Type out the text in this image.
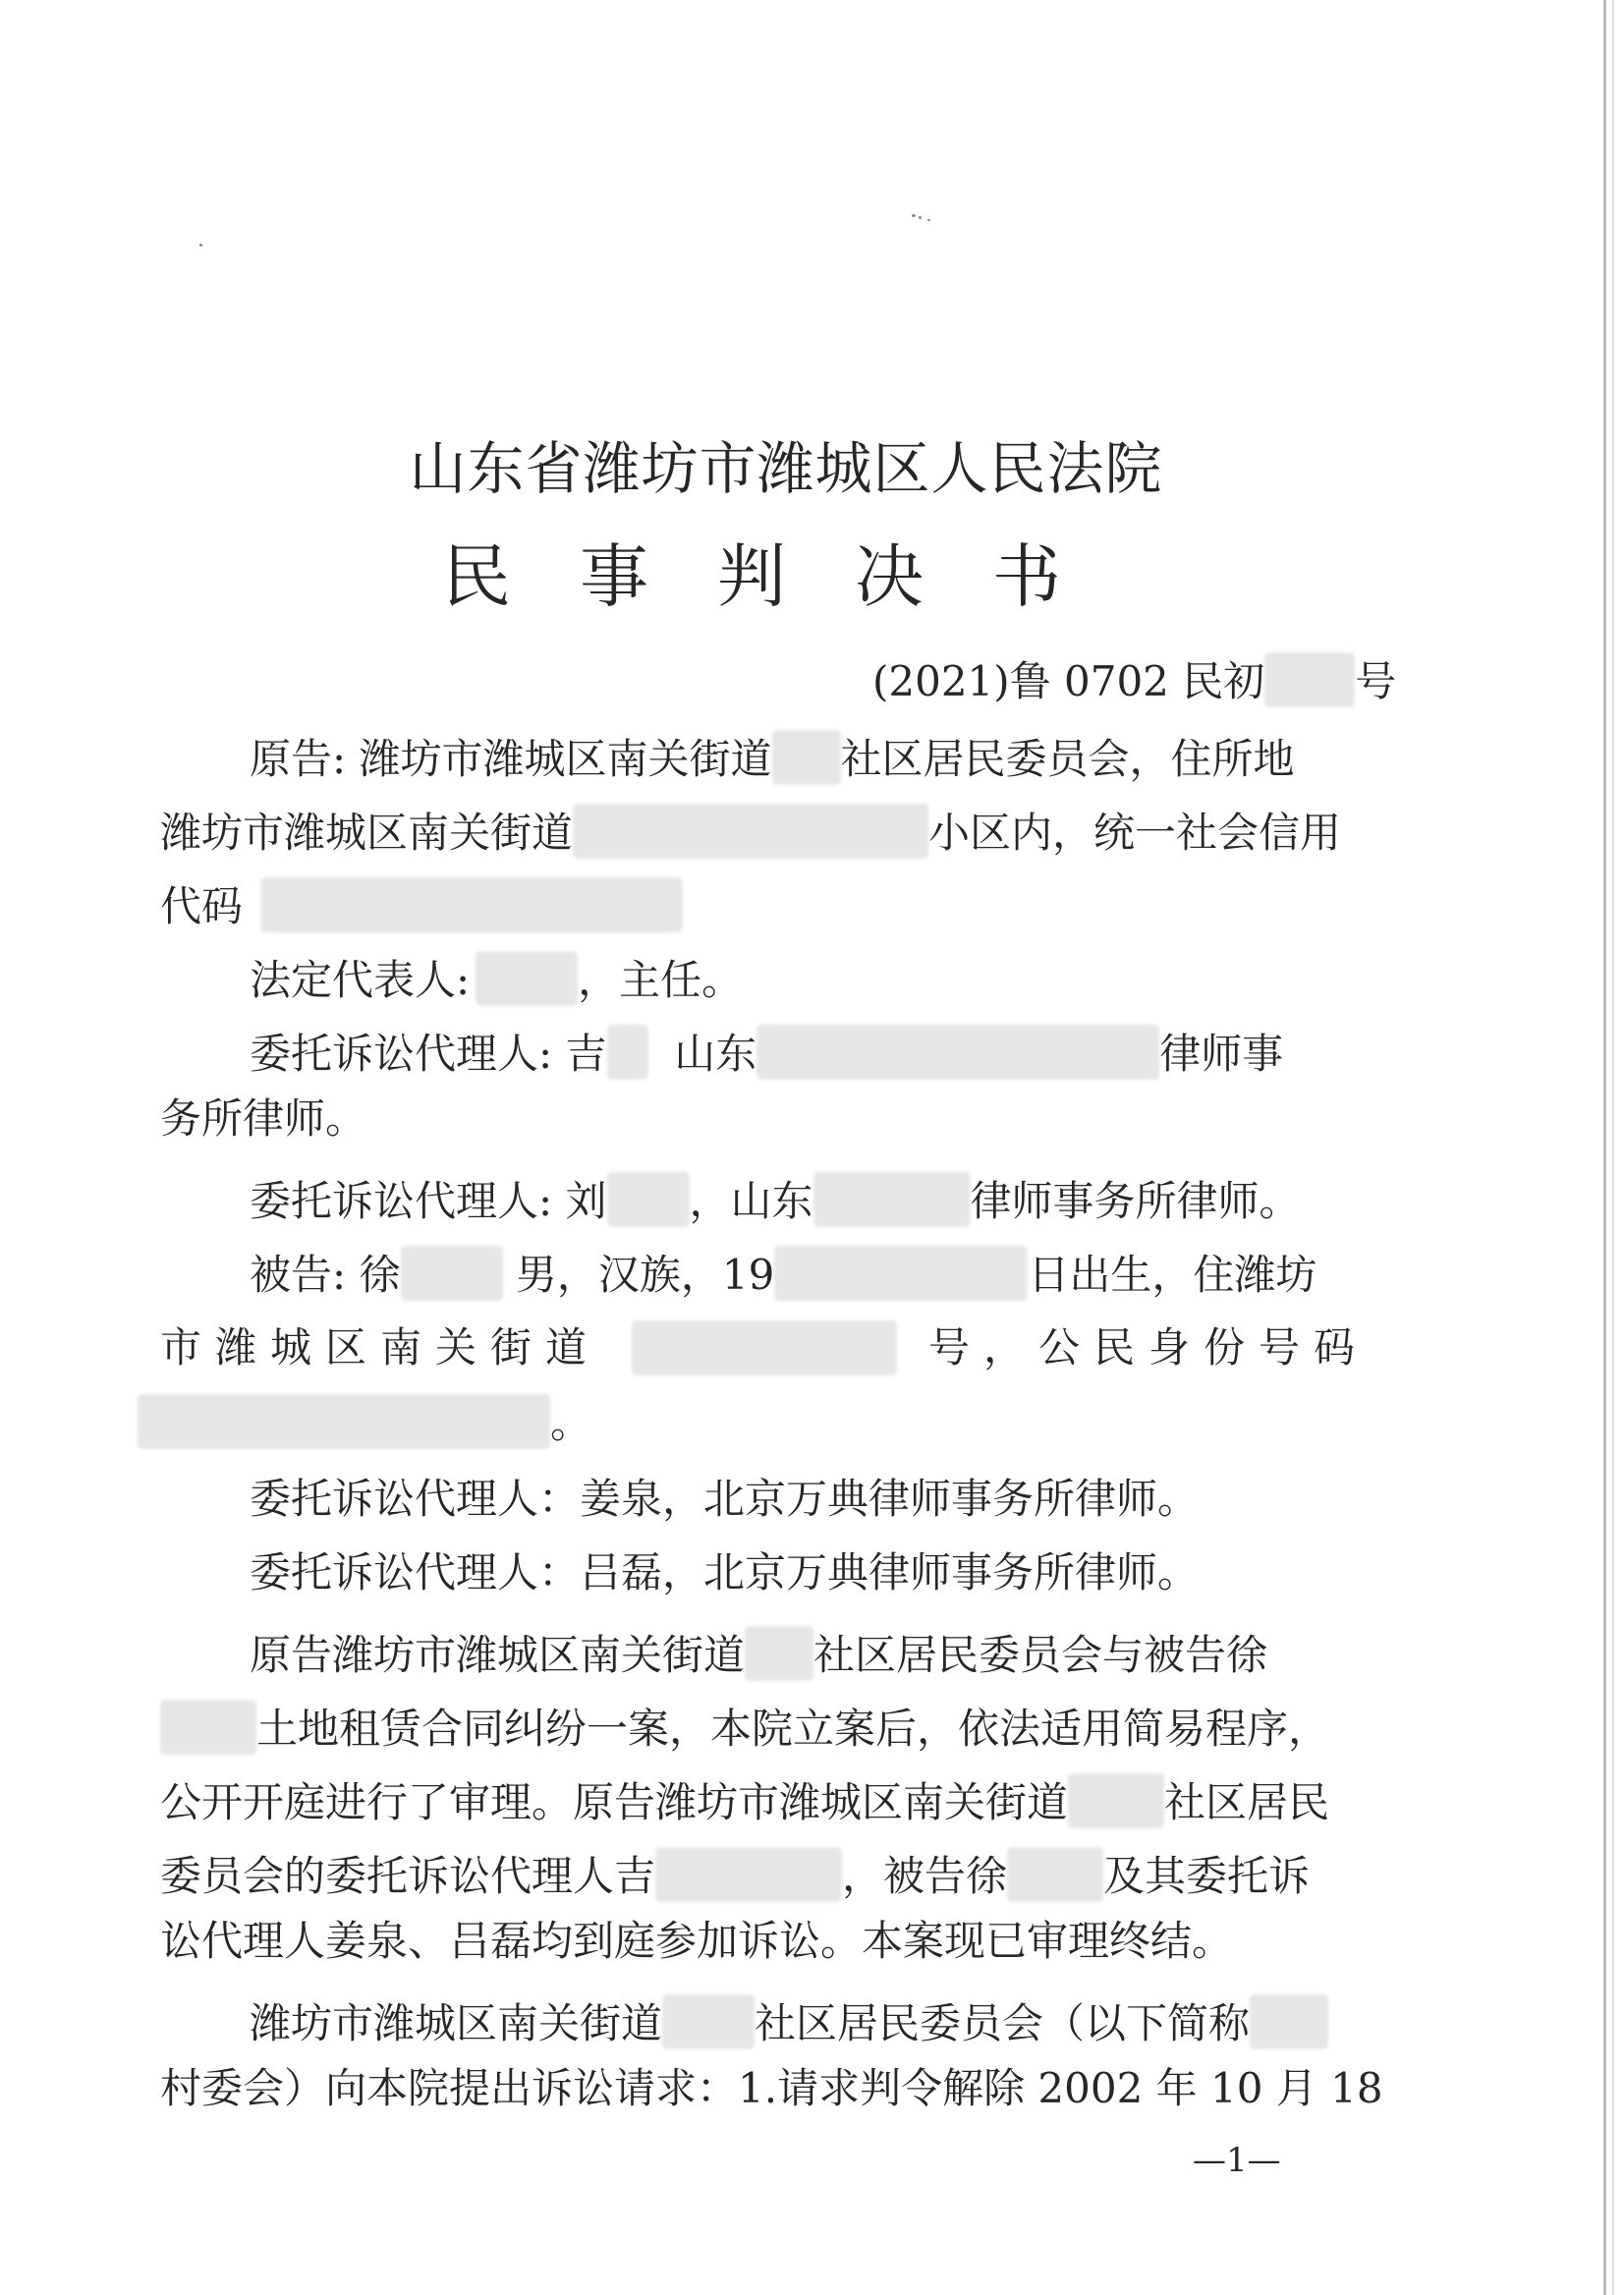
山东省潍坊市潍城区人民法院
民事判决书
(2021)鲁 0702 民初 号
原告: 潍坊市潍城区南关街道 社区居民委员会，住所地
潍坊市潍城区南关街道	小区内，统一社会信用
代码
法定代表人:	，主任。
委托诉讼代理人: 吉 山东	律师事
务所律师。
委托诉讼代理人: 刘 ，山东	律师事务所律师。
被告: 徐	男，汉族，19	日出生，住潍坊
市潍城区南关街道	号，公民身份号码
。
委托诉讼代理人：姜泉，北京万典律师事务所律师。
委托诉讼代理人：吕磊，北京万典律师事务所律师。
原告潍坊市潍城区南关街道 社区居民委员会与被告徐
土地租赁合同纠纷一案，本院立案后，依法适用简易程序，
公开开庭进行了审理。原告潍坊市潍城区南关街道 社区居民
委员会的委托诉讼代理人吉	，被告徐 及其委托诉
讼代理人姜泉、吕磊均到庭参加诉讼。本案现已审理终结。
潍坊市潍城区南关街道 社区居民委员会（以下简称
村委会）向本院提出诉讼请求：1.请求判令解除 2002 年 10 月 18
—1—
